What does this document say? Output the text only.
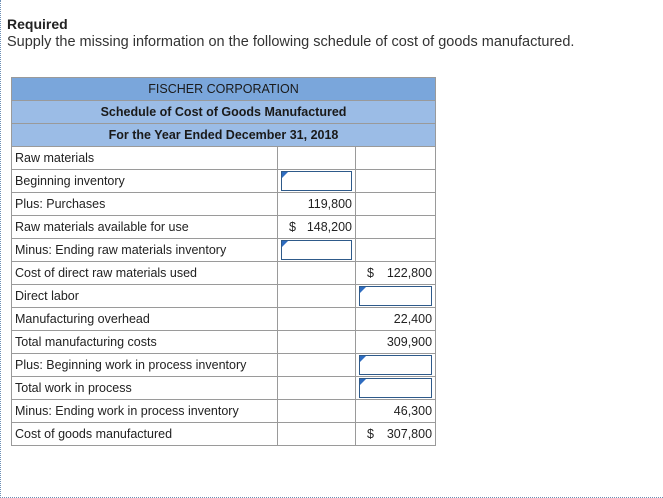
Required
Supply the missing information on the following schedule of cost of goods manufactured.
FISCHER CORPORATION		
Schedule of Cost of Goods Manufactured		
For the Year Ended December 31, 2018		
Raw materials		
Beginning inventory	

Plus: Purchases	119,800	
Raw materials available for use	$ 148,200	
Minus: Ending raw materials inventory	

Cost of direct raw materials used		$ 122,800
Direct labor		

Manufacturing overhead		22,400
Total manufacturing costs		309,900
Plus: Beginning work in process inventory		

Total work in process		

Minus: Ending work in process inventory		46,300
Cost of goods manufactured		$ 307,800
